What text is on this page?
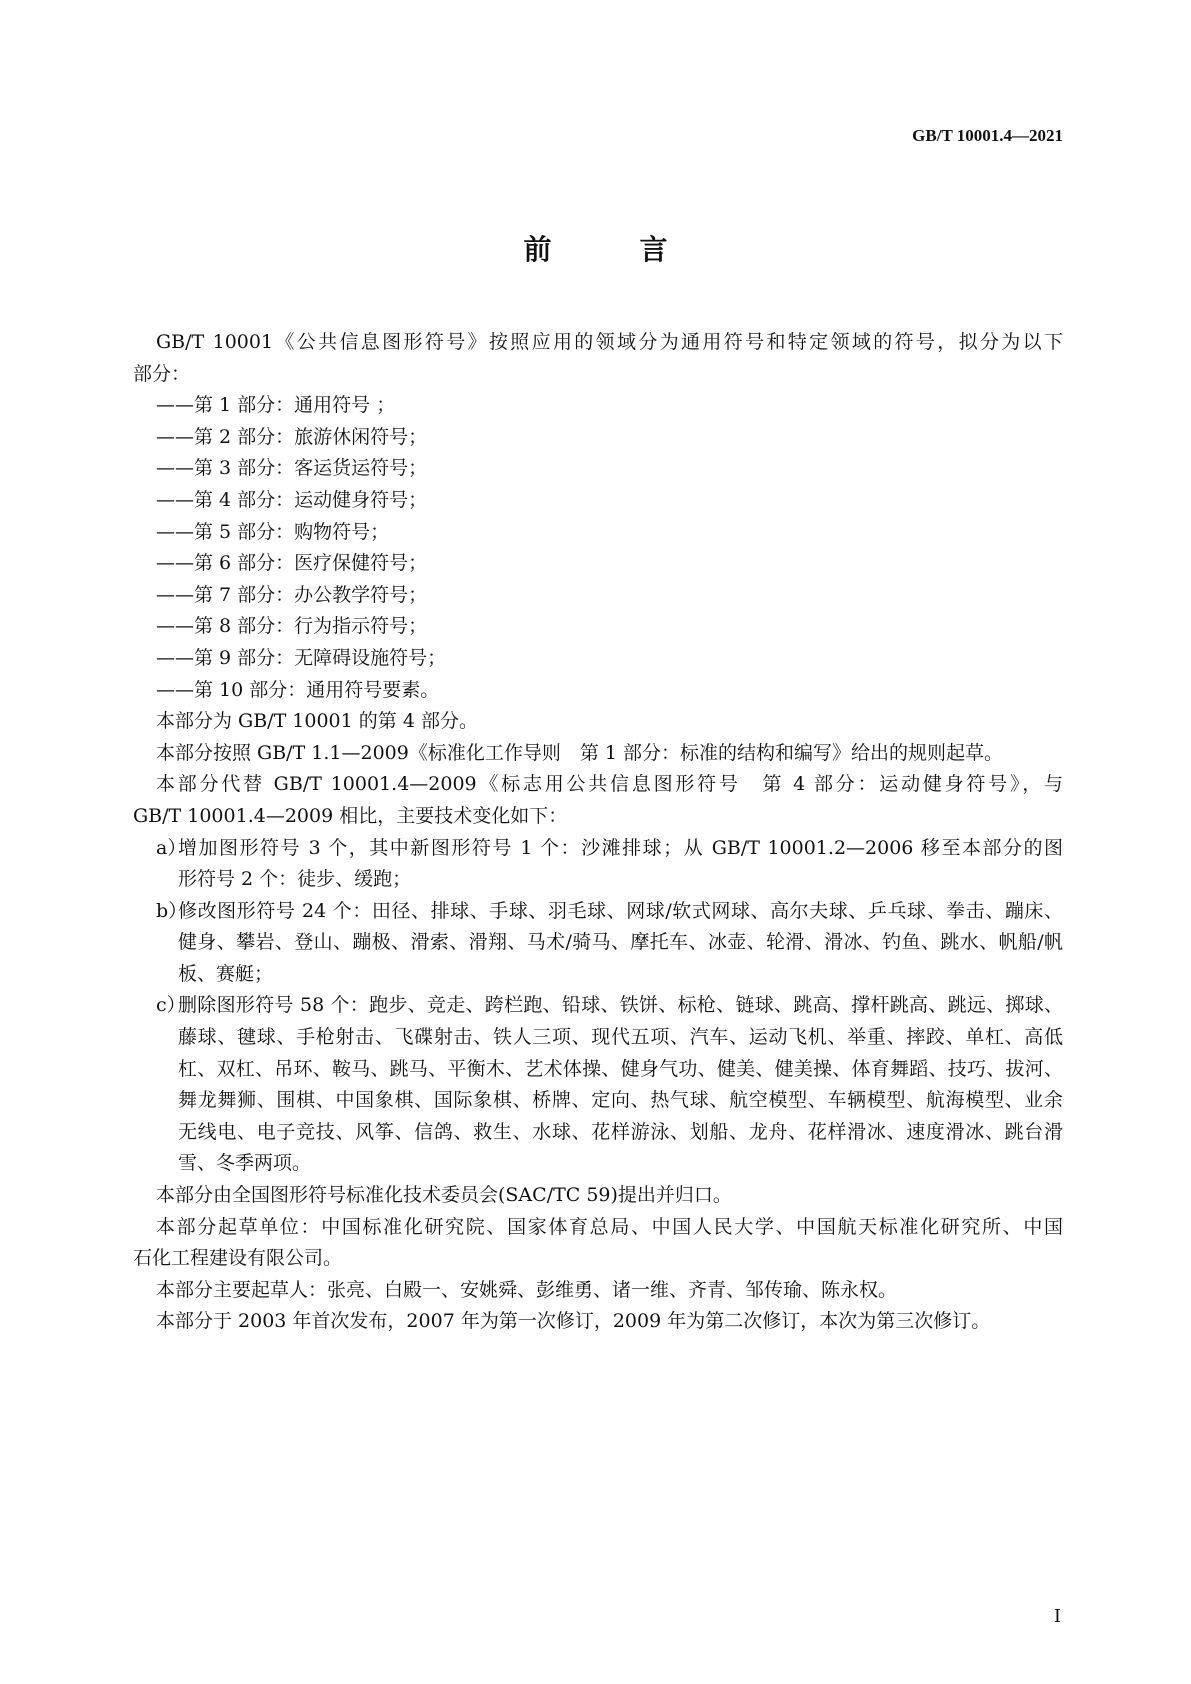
GB/T 10001.4—2021
前　言
GB/T 10001《公共信息图形符号》按照应用的领域分为通用符号和特定领域的符号，拟分为以下
部分：
——第 1 部分：通用符号 ；
——第 2 部分：旅游休闲符号；
——第 3 部分：客运货运符号；
——第 4 部分：运动健身符号；
——第 5 部分：购物符号；
——第 6 部分：医疗保健符号；
——第 7 部分：办公教学符号；
——第 8 部分：行为指示符号；
——第 9 部分：无障碍设施符号；
——第 10 部分：通用符号要素。
本部分为 GB/T 10001 的第 4 部分。
本部分按照 GB/T 1.1—2009《标准化工作导则　第 1 部分：标准的结构和编写》给出的规则起草。
本部分代替 GB/T 10001.4—2009《标志用公共信息图形符号　第 4 部分：运动健身符号》，与
GB/T 10001.4—2009 相比，主要技术变化如下：
a）
增加图形符号 3 个，其中新图形符号 1 个：沙滩排球；从 GB/T 10001.2—2006 移至本部分的图
形符号 2 个：徒步、缓跑；
b）
修改图形符号 24 个：田径、排球、手球、羽毛球、网球/软式网球、高尔夫球、乒乓球、拳击、蹦床、
健身、攀岩、登山、蹦极、滑索、滑翔、马术/骑马、摩托车、冰壶、轮滑、滑冰、钓鱼、跳水、帆船/帆
板、赛艇；
c）
删除图形符号 58 个：跑步、竞走、跨栏跑、铅球、铁饼、标枪、链球、跳高、撑杆跳高、跳远、掷球、
藤球、毽球、手枪射击、飞碟射击、铁人三项、现代五项、汽车、运动飞机、举重、摔跤、单杠、高低
杠、双杠、吊环、鞍马、跳马、平衡木、艺术体操、健身气功、健美、健美操、体育舞蹈、技巧、拔河、
舞龙舞狮、围棋、中国象棋、国际象棋、桥牌、定向、热气球、航空模型、车辆模型、航海模型、业余
无线电、电子竞技、风筝、信鸽、救生、水球、花样游泳、划船、龙舟、花样滑冰、速度滑冰、跳台滑
雪、冬季两项。
本部分由全国图形符号标准化技术委员会(SAC/TC 59)提出并归口。
本部分起草单位：中国标准化研究院、国家体育总局、中国人民大学、中国航天标准化研究所、中国
石化工程建设有限公司。
本部分主要起草人：张亮、白殿一、安姚舜、彭维勇、诸一维、齐青、邹传瑜、陈永权。
本部分于 2003 年首次发布，2007 年为第一次修订，2009 年为第二次修订，本次为第三次修订。
I
